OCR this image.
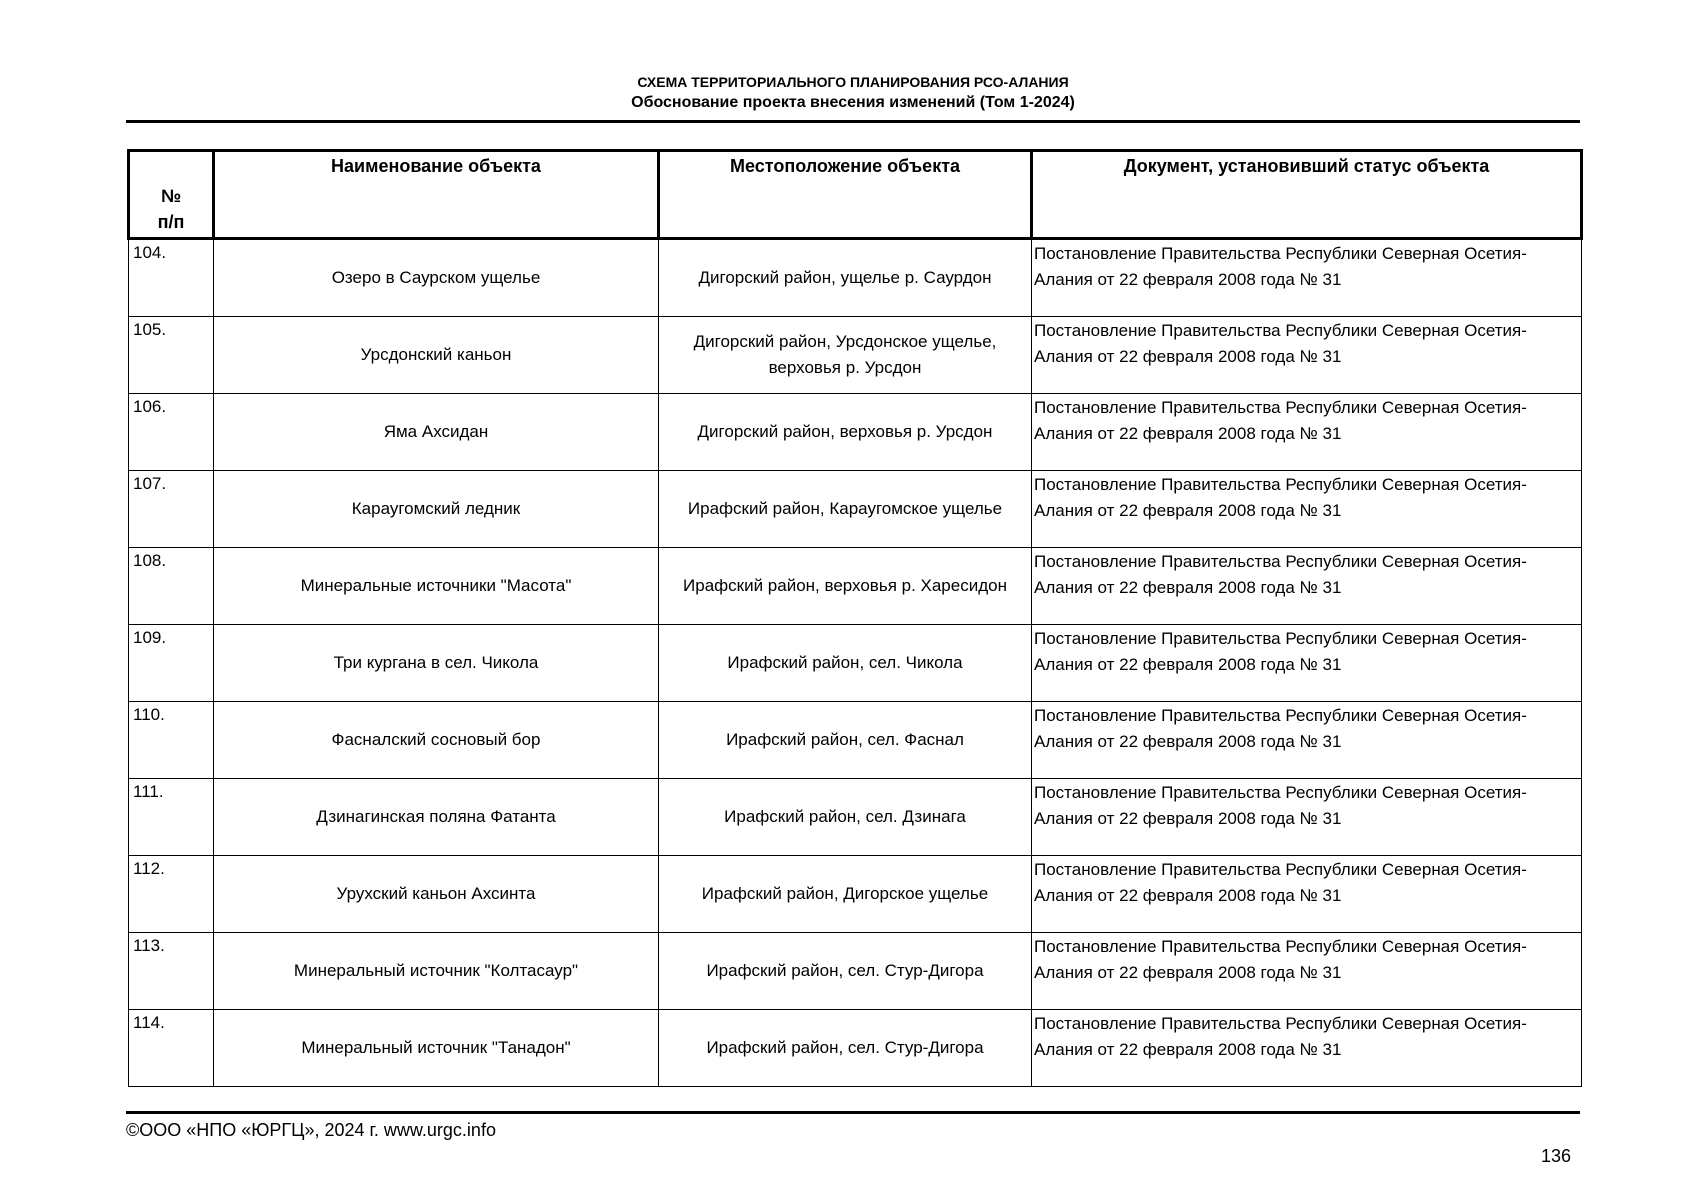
СХЕМА ТЕРРИТОРИАЛЬНОГО ПЛАНИРОВАНИЯ РСО-АЛАНИЯ
Обоснование проекта внесения изменений (Том 1-2024)
№ п/п	Наименование объекта	Местоположение объекта	Документ, установивший статус объекта

104.	Озеро в Саурском ущелье	Дигорский район, ущелье р. Саурдон	Постановление Правительства Республики Северная Осетия-Алания от 22 февраля 2008 года № 31

105.	Урсдонский каньон	Дигорский район, Урсдонское ущелье, верховья р. Урсдон	Постановление Правительства Республики Северная Осетия-Алания от 22 февраля 2008 года № 31

106.	Яма Ахсидан	Дигорский район, верховья р. Урсдон	Постановление Правительства Республики Северная Осетия-Алания от 22 февраля 2008 года № 31

107.	Караугомский ледник	Ирафский район, Караугомское ущелье	Постановление Правительства Республики Северная Осетия-Алания от 22 февраля 2008 года № 31

108.	Минеральные источники "Масота"	Ирафский район, верховья р. Харесидон	Постановление Правительства Республики Северная Осетия-Алания от 22 февраля 2008 года № 31

109.	Три кургана в сел. Чикола	Ирафский район, сел. Чикола	Постановление Правительства Республики Северная Осетия-Алания от 22 февраля 2008 года № 31

110.	Фасналский сосновый бор	Ирафский район, сел. Фаснал	Постановление Правительства Республики Северная Осетия-Алания от 22 февраля 2008 года № 31

111.	Дзинагинская поляна Фатанта	Ирафский район, сел. Дзинага	Постановление Правительства Республики Северная Осетия-Алания от 22 февраля 2008 года № 31

112.	Урухский каньон Ахсинта	Ирафский район, Дигорское ущелье	Постановление Правительства Республики Северная Осетия-Алания от 22 февраля 2008 года № 31

113.	Минеральный источник "Колтасаур"	Ирафский район, сел. Стур-Дигора	Постановление Правительства Республики Северная Осетия-Алания от 22 февраля 2008 года № 31

114.	Минеральный источник "Танадон"	Ирафский район, сел. Стур-Дигора	Постановление Правительства Республики Северная Осетия-Алания от 22 февраля 2008 года № 31
©ООО «НПО «ЮРГЦ», 2024 г. www.urgc.info
136
